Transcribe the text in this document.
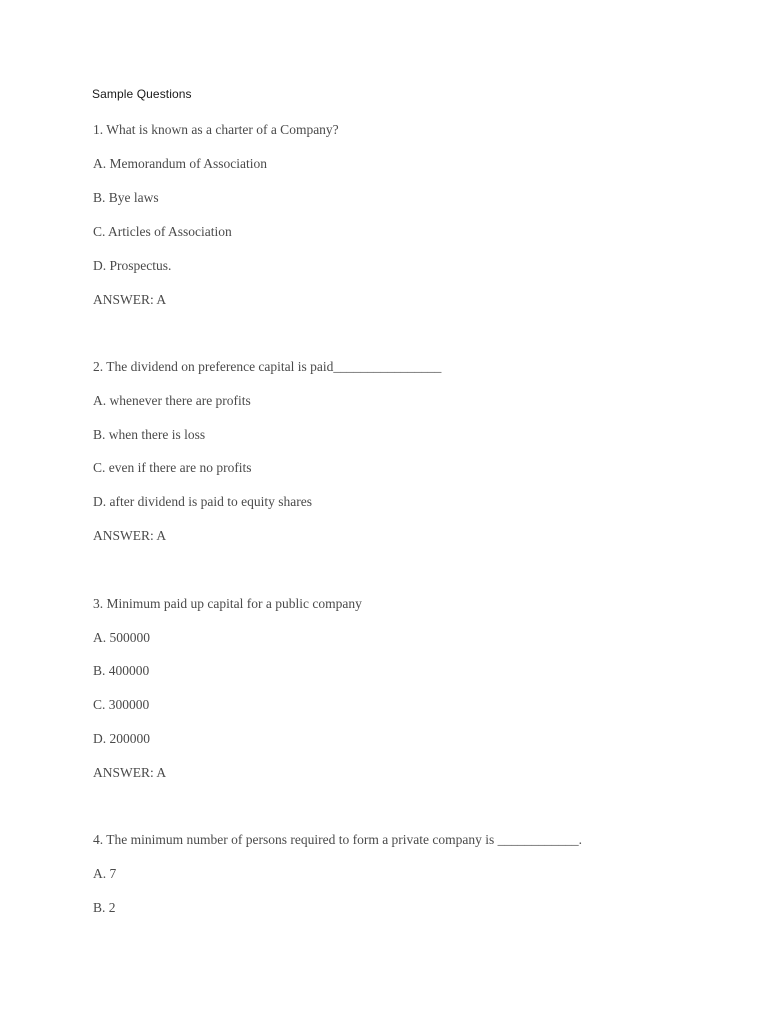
Sample Questions
1. What is known as a charter of a Company?
A. Memorandum of Association
B. Bye laws
C. Articles of Association
D. Prospectus.
ANSWER: A
2. The dividend on preference capital is paid________________
A. whenever there are profits
B. when there is loss
C. even if there are no profits
D. after dividend is paid to equity shares
ANSWER: A
3. Minimum paid up capital for a public company
A. 500000
B. 400000
C. 300000
D. 200000
ANSWER: A
4. The minimum number of persons required to form a private company is ____________.
A. 7
B. 2
